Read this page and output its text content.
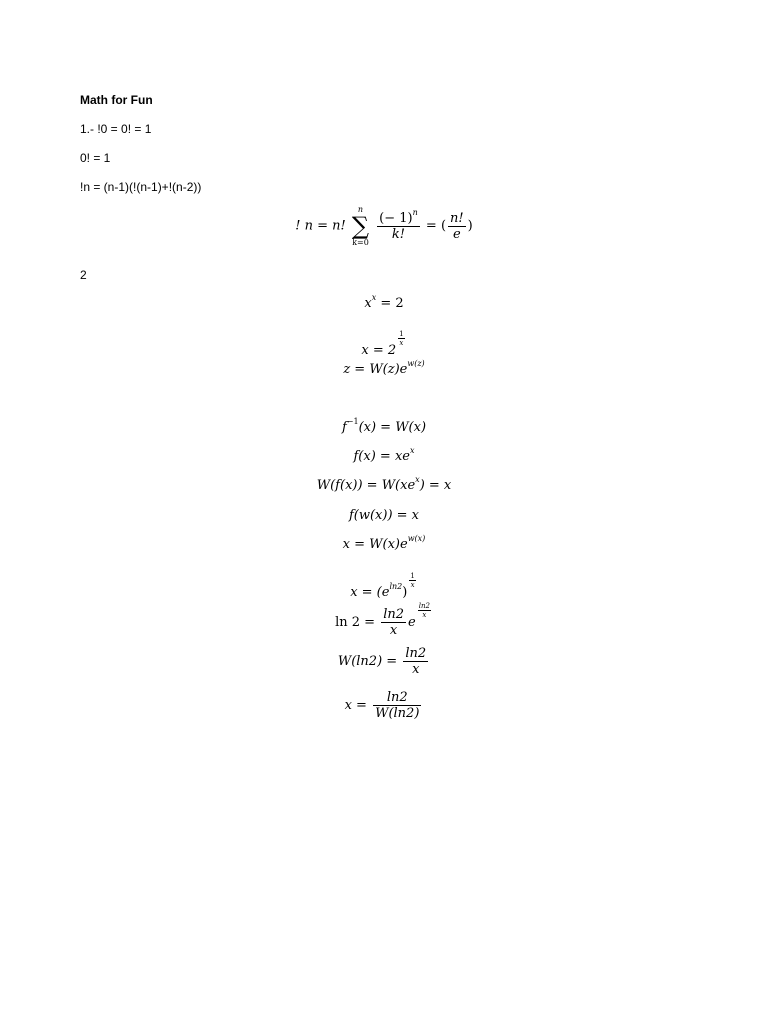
Math for Fun
1.- !0 = 0! = 1
0! = 1
!n = (n-1)(!(n-1)+!(n-2))
! n = n!
n
∑
k=0

$\frac{(- 1)^n}{k!}$ = ( $\frac{n!}{e}$ )
2
$x^x = 2$
x = 2
$\frac{1}{x}$
$z = W(z)e^{w(z)}$
$f^{-1}(x) = W(x)$
$f(x) = xe^x$
$W(f(x)) = W(xe^x) = x$
f(w(x)) = x
$x = W(x)e^{w(x)}$
$x = (e^{ln2})$
$\frac{1}{x}$
$\ln 2 = \frac{\ln 2}{x}$ e
$\frac{\ln 2}{x}$
$W(\ln 2) = \frac{\ln 2}{x}$
$x = \frac{\ln 2}{W(\ln 2)}$
